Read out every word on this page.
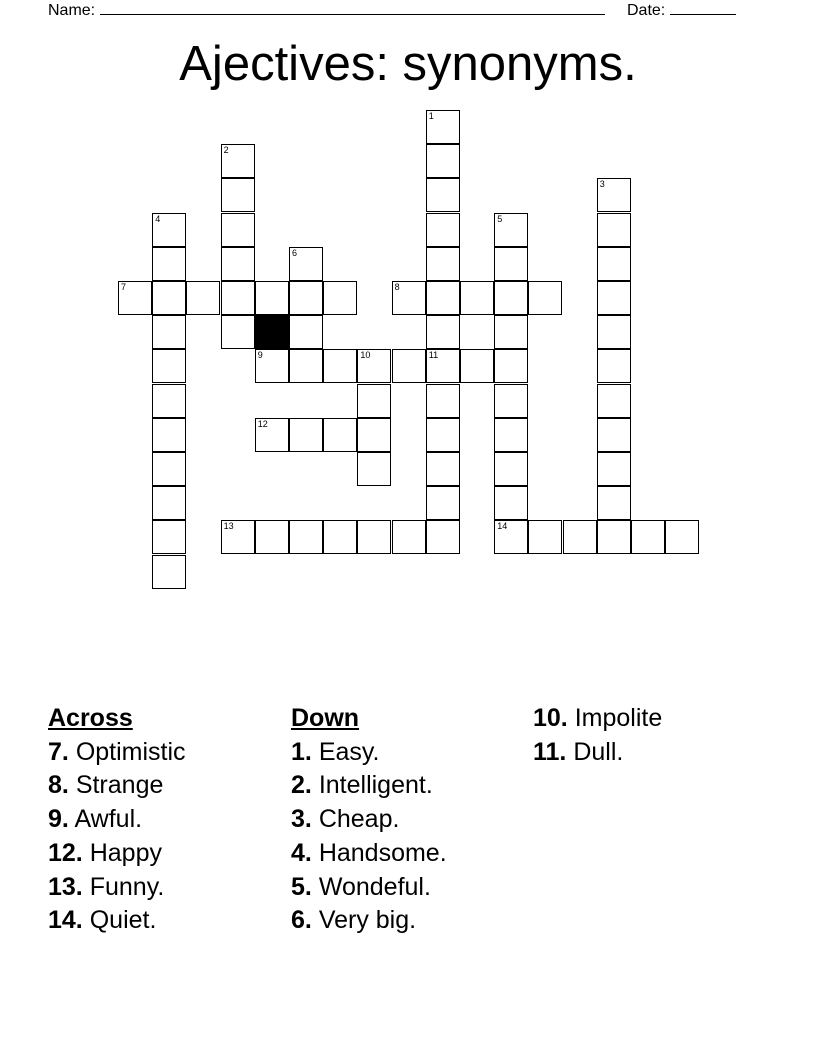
Name:	Date:
Ajectives: synonyms.
1
11
2
3
4	5
14
6
7	8
9	10
12
13
Across
7. Optimistic
8. Strange
9. Awful.
12. Happy
13. Funny.
14. Quiet.
Down
1. Easy.
2. Intelligent.
3. Cheap.
4. Handsome.
5. Wondeful.
6. Very big.
10. Impolite
11. Dull.
